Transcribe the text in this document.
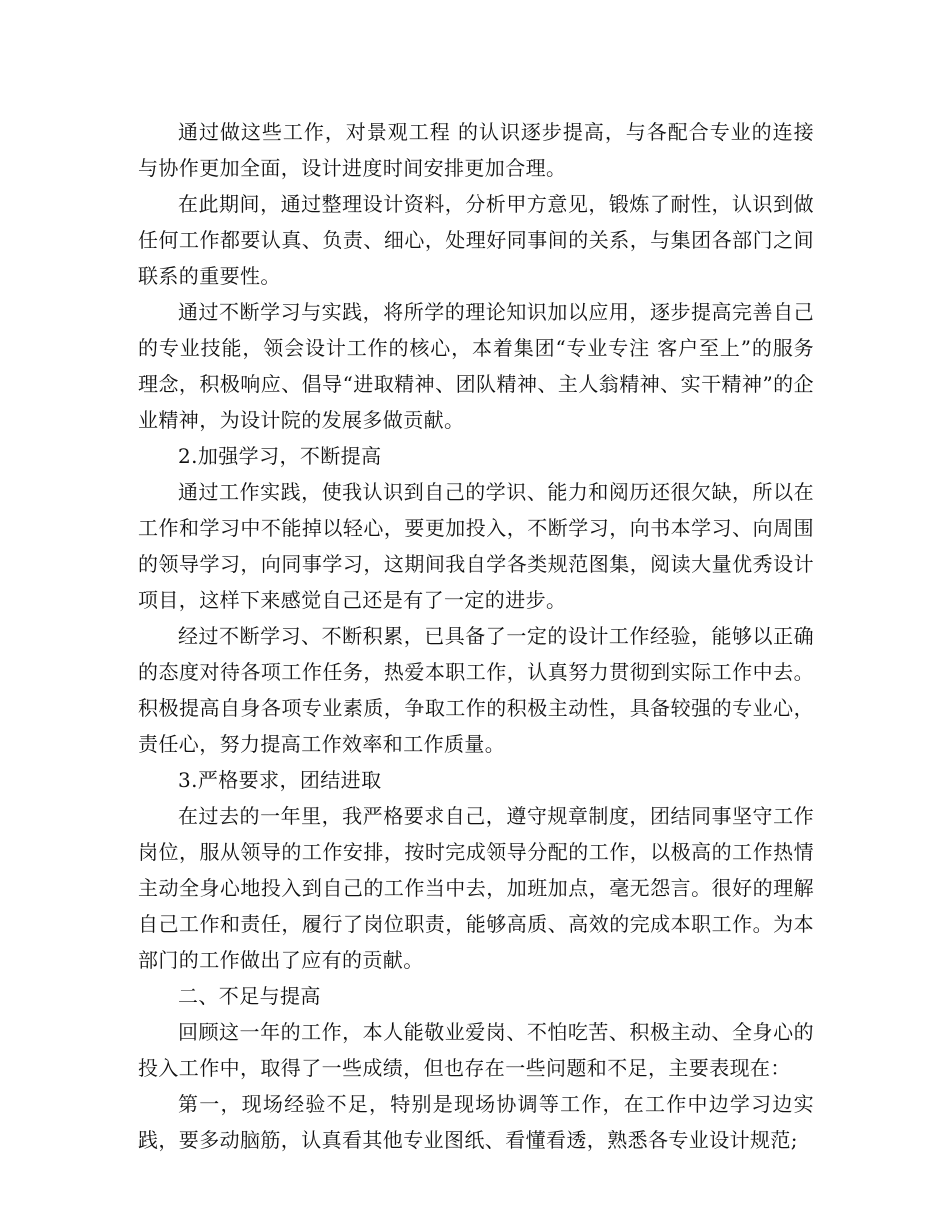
通过做这些工作，对景观工程 的认识逐步提高，与各配合专业的连接与协作更加全面，设计进度时间安排更加合理。

在此期间，通过整理设计资料，分析甲方意见，锻炼了耐性，认识到做任何工作都要认真、负责、细心，处理好同事间的关系，与集团各部门之间联系的重要性。

通过不断学习与实践，将所学的理论知识加以应用，逐步提高完善自己的专业技能，领会设计工作的核心，本着集团“专业专注 客户至上”的服务理念，积极响应、倡导“进取精神、团队精神、主人翁精神、实干精神”的企业精神，为设计院的发展多做贡献。

2.加强学习，不断提高

通过工作实践，使我认识到自己的学识、能力和阅历还很欠缺，所以在工作和学习中不能掉以轻心，要更加投入，不断学习，向书本学习、向周围的领导学习，向同事学习，这期间我自学各类规范图集，阅读大量优秀设计项目，这样下来感觉自己还是有了一定的进步。

经过不断学习、不断积累，已具备了一定的设计工作经验，能够以正确的态度对待各项工作任务，热爱本职工作，认真努力贯彻到实际工作中去。积极提高自身各项专业素质，争取工作的积极主动性，具备较强的专业心，责任心，努力提高工作效率和工作质量。

3.严格要求，团结进取

在过去的一年里，我严格要求自己，遵守规章制度，团结同事坚守工作岗位，服从领导的工作安排，按时完成领导分配的工作，以极高的工作热情主动全身心地投入到自己的工作当中去，加班加点，毫无怨言。很好的理解自己工作和责任，履行了岗位职责，能够高质、高效的完成本职工作。为本部门的工作做出了应有的贡献。

二、不足与提高

回顾这一年的工作，本人能敬业爱岗、不怕吃苦、积极主动、全身心的投入工作中，取得了一些成绩，但也存在一些问题和不足，主要表现在：

第一，现场经验不足，特别是现场协调等工作，在工作中边学习边实践，要多动脑筋，认真看其他专业图纸、看懂看透，熟悉各专业设计规范;
